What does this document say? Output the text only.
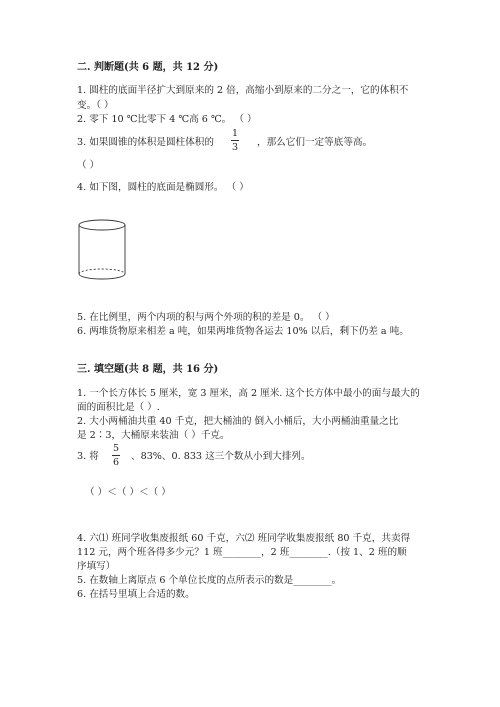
二. 判断题(共 6 题，共 12 分)
1. 圆柱的底面半径扩大到原来的 2 倍，高缩小到原来的二分之一，它的体积不
变。（ ）
2. 零下 10 ℃比零下 4 ℃高 6 ℃。 （ ）
3. 如果圆锥的体积是圆柱体积的
1
3	，那么它们一定等底等高。
（ ）
4. 如下图，圆柱的底面是椭圆形。 （ ）
5. 在比例里，两个内项的积与两个外项的积的差是 0。 （ ）
6. 两堆货物原来相差 a 吨，如果两堆货物各运去 10% 以后，剩下仍差 a 吨。
三. 填空题(共 8 题，共 16 分)
1. 一个长方体长 5 厘米，宽 3 厘米，高 2 厘米. 这个长方体中最小的面与最大的
面的面积比是（ ）.
2. 大小两桶油共重 40 千克，把大桶油的 倒入小桶后，大小两桶油重量之比
是 2∶3，大桶原来装油（ ）千克。
3. 将
5
6
、83%、0. 833 这三个数从小到大排列。
（ ）＜（ ）＜（ ）
4. 六⑴ 班同学收集废报纸 60 千克，六⑵ 班同学收集废报纸 80 千克，共卖得
112 元，两个班各得多少元？1 班________，2 班________.（按 1、2 班的顺
序填写）
5. 在数轴上离原点 6 个单位长度的点所表示的数是________。
6. 在括号里填上合适的数。
